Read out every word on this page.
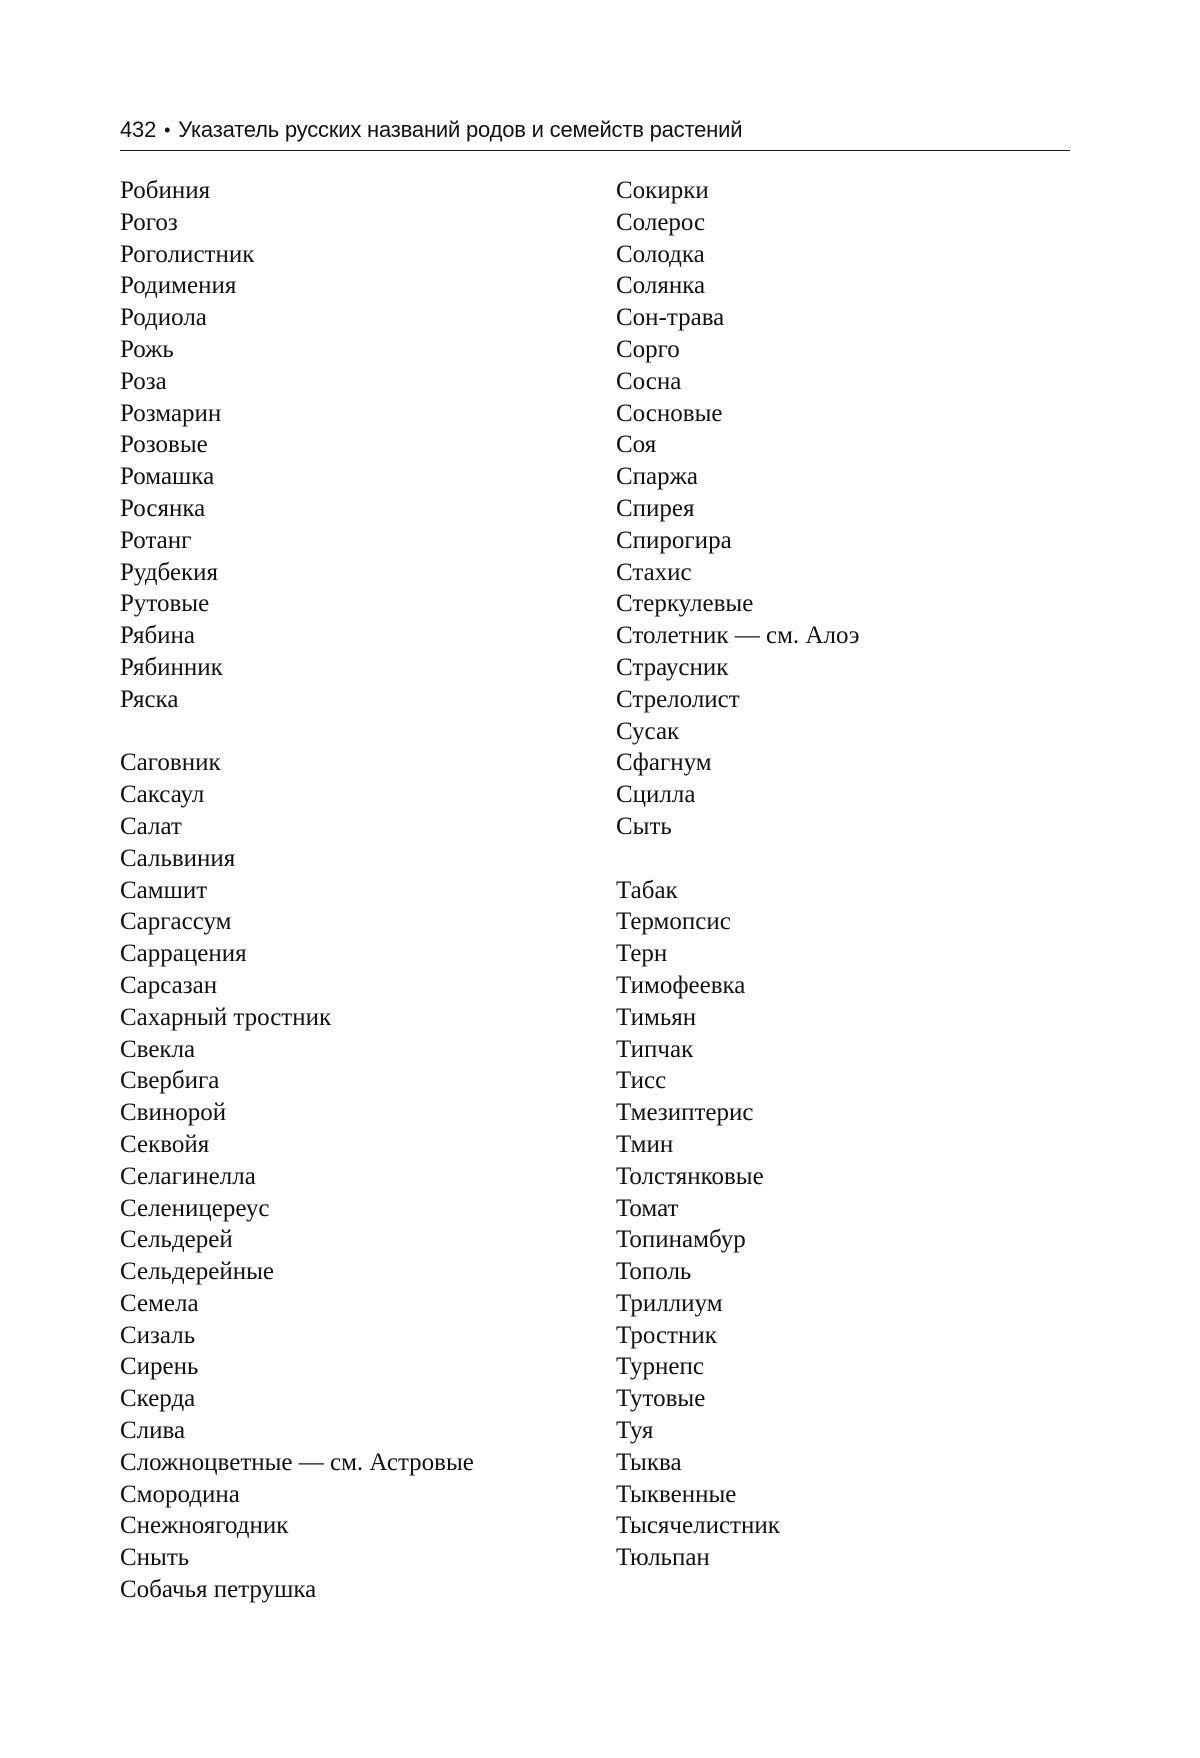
432 • Указатель русских названий родов и семейств растений
Робиния
Рогоз
Роголистник
Родимения
Родиола
Рожь
Роза
Розмарин
Розовые
Ромашка
Росянка
Ротанг
Рудбекия
Рутовые
Рябина
Рябинник
Ряска
Саговник
Саксаул
Салат
Сальвиния
Самшит
Саргассум
Саррацения
Сарсазан
Сахарный тростник
Свекла
Свербига
Свинорой
Секвойя
Селагинелла
Селеницереус
Сельдерей
Сельдерейные
Семела
Сизаль
Сирень
Скерда
Слива
Сложноцветные — см. Астровые
Смородина
Снежноягодник
Сныть
Собачья петрушка
Сокирки
Солерос
Солодка
Солянка
Сон-трава
Сорго
Сосна
Сосновые
Соя
Спаржа
Спирея
Спирогира
Стахис
Стеркулевые
Столетник — см. Алоэ
Страусник
Стрелолист
Сусак
Сфагнум
Сцилла
Сыть
Табак
Термопсис
Терн
Тимофеевка
Тимьян
Типчак
Тисс
Тмезиптерис
Тмин
Толстянковые
Томат
Топинамбур
Тополь
Триллиум
Тростник
Турнепс
Тутовые
Туя
Тыква
Тыквенные
Тысячелистник
Тюльпан
